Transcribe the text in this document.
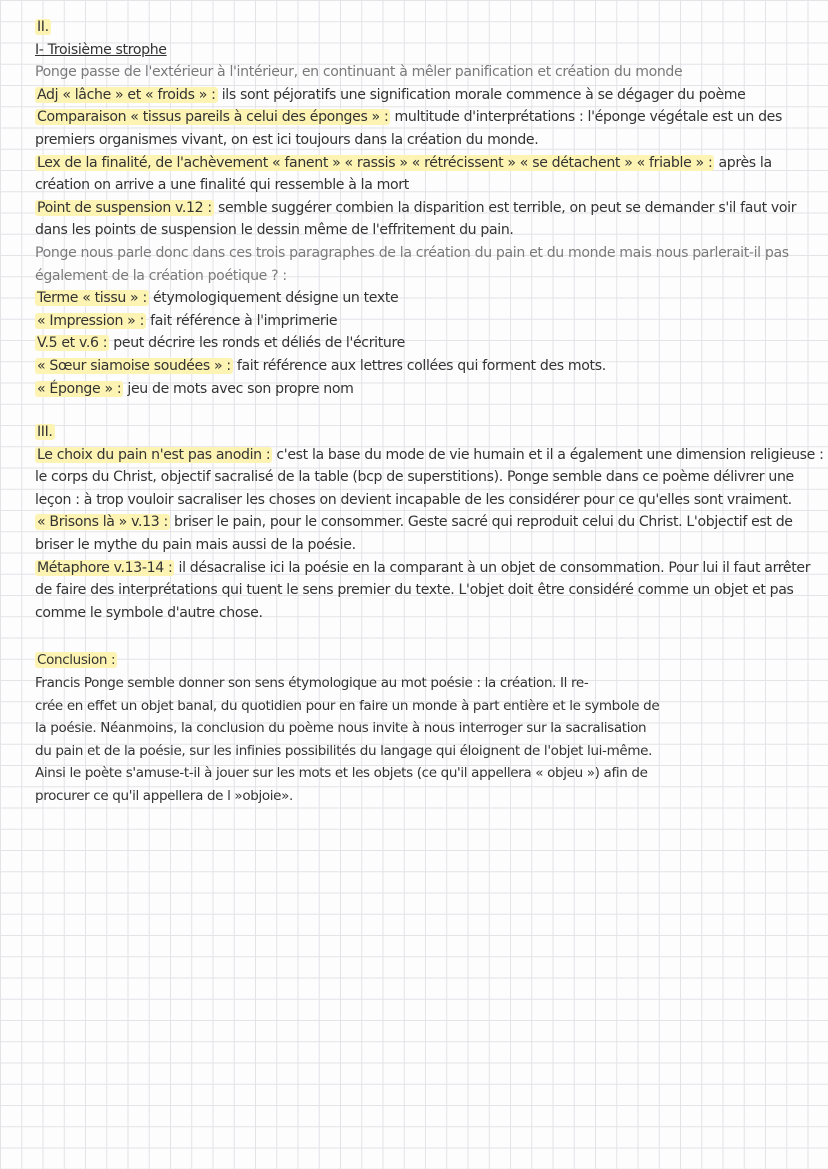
II.
I- Troisième strophe
Ponge passe de l'extérieur à l'intérieur, en continuant à mêler panification et création du monde
Adj « lâche » et « froids » : ils sont péjoratifs une signification morale commence à se dégager du poème
Comparaison « tissus pareils à celui des éponges » : multitude d'interprétations : l'éponge végétale est un des
premiers organismes vivant, on est ici toujours dans la création du monde.
Lex de la finalité, de l'achèvement « fanent » « rassis » « rétrécissent » « se détachent » « friable » : après la
création on arrive a une finalité qui ressemble à la mort
Point de suspension v.12 : semble suggérer combien la disparition est terrible, on peut se demander s'il faut voir
dans les points de suspension le dessin même de l'effritement du pain.
Ponge nous parle donc dans ces trois paragraphes de la création du pain et du monde mais nous parlerait-il pas
également de la création poétique ? :
Terme « tissu » : étymologiquement désigne un texte
« Impression » : fait référence à l'imprimerie
V.5 et v.6 : peut décrire les ronds et déliés de l'écriture
« Sœur siamoise soudées » : fait référence aux lettres collées qui forment des mots.
« Éponge » : jeu de mots avec son propre nom
III.
Le choix du pain n'est pas anodin : c'est la base du mode de vie humain et il a également une dimension religieuse :
le corps du Christ, objectif sacralisé de la table (bcp de superstitions). Ponge semble dans ce poème délivrer une
leçon : à trop vouloir sacraliser les choses on devient incapable de les considérer pour ce qu'elles sont vraiment.
« Brisons là » v.13 : briser le pain, pour le consommer. Geste sacré qui reproduit celui du Christ. L'objectif est de
briser le mythe du pain mais aussi de la poésie.
Métaphore v.13-14 : il désacralise ici la poésie en la comparant à un objet de consommation. Pour lui il faut arrêter
de faire des interprétations qui tuent le sens premier du texte. L'objet doit être considéré comme un objet et pas
comme le symbole d'autre chose.
Conclusion :
Francis Ponge semble donner son sens étymologique au mot poésie : la création. Il re-
crée en effet un objet banal, du quotidien pour en faire un monde à part entière et le symbole de
la poésie. Néanmoins, la conclusion du poème nous invite à nous interroger sur la sacralisation
du pain et de la poésie, sur les infinies possibilités du langage qui éloignent de l'objet lui-même.
Ainsi le poète s'amuse-t-il à jouer sur les mots et les objets (ce qu'il appellera « objeu ») afin de
procurer ce qu'il appellera de l »objoie».
